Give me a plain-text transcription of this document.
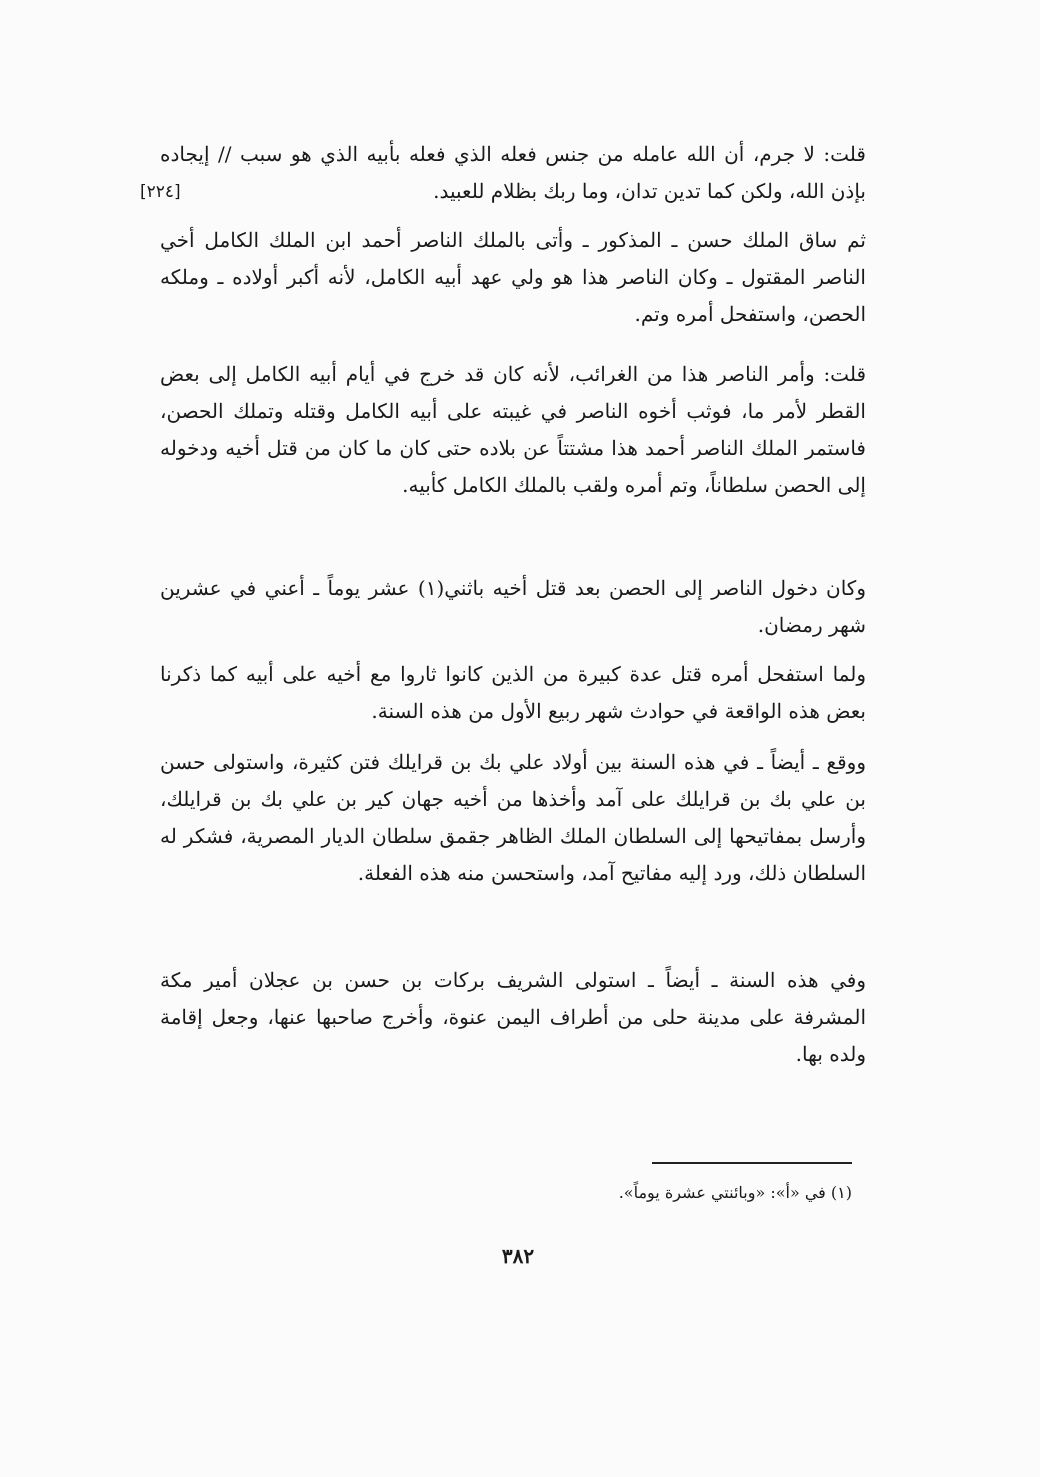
[٢٢٤]

قلت: لا جرم، أن الله عامله من جنس فعله الذي فعله بأبيه الذي هو سبب // إيجاده بإذن الله، ولكن كما تدين تدان، وما ربك بظلام للعبيد.

ثم ساق الملك حسن ـ المذكور ـ وأتى بالملك الناصر أحمد ابن الملك الكامل أخي الناصر المقتول ـ وكان الناصر هذا هو ولي عهد أبيه الكامل، لأنه أكبر أولاده ـ وملكه الحصن، واستفحل أمره وتم.

قلت: وأمر الناصر هذا من الغرائب، لأنه كان قد خرج في أيام أبيه الكامل إلى بعض القطر لأمر ما، فوثب أخوه الناصر في غيبته على أبيه الكامل وقتله وتملك الحصن، فاستمر الملك الناصر أحمد هذا مشتتاً عن بلاده حتى كان ما كان من قتل أخيه ودخوله إلى الحصن سلطاناً، وتم أمره ولقب بالملك الكامل كأبيه.

وكان دخول الناصر إلى الحصن بعد قتل أخيه باثني(١) عشر يوماً ـ أعني في عشرين شهر رمضان.

ولما استفحل أمره قتل عدة كبيرة من الذين كانوا ثاروا مع أخيه على أبيه كما ذكرنا بعض هذه الواقعة في حوادث شهر ربيع الأول من هذه السنة.

ووقع ـ أيضاً ـ في هذه السنة بين أولاد علي بك بن قرايلك فتن كثيرة، واستولى حسن بن علي بك بن قرايلك على آمد وأخذها من أخيه جهان كير بن علي بك بن قرايلك، وأرسل بمفاتيحها إلى السلطان الملك الظاهر جقمق سلطان الديار المصرية، فشكر له السلطان ذلك، ورد إليه مفاتيح آمد، واستحسن منه هذه الفعلة.

وفي هذه السنة ـ أيضاً ـ استولى الشريف بركات بن حسن بن عجلان أمير مكة المشرفة على مدينة حلى من أطراف اليمن عنوة، وأخرج صاحبها عنها، وجعل إقامة ولده بها.

(١) في «أ»: «وبائنتي عشرة يوماً».
٣٨٢
